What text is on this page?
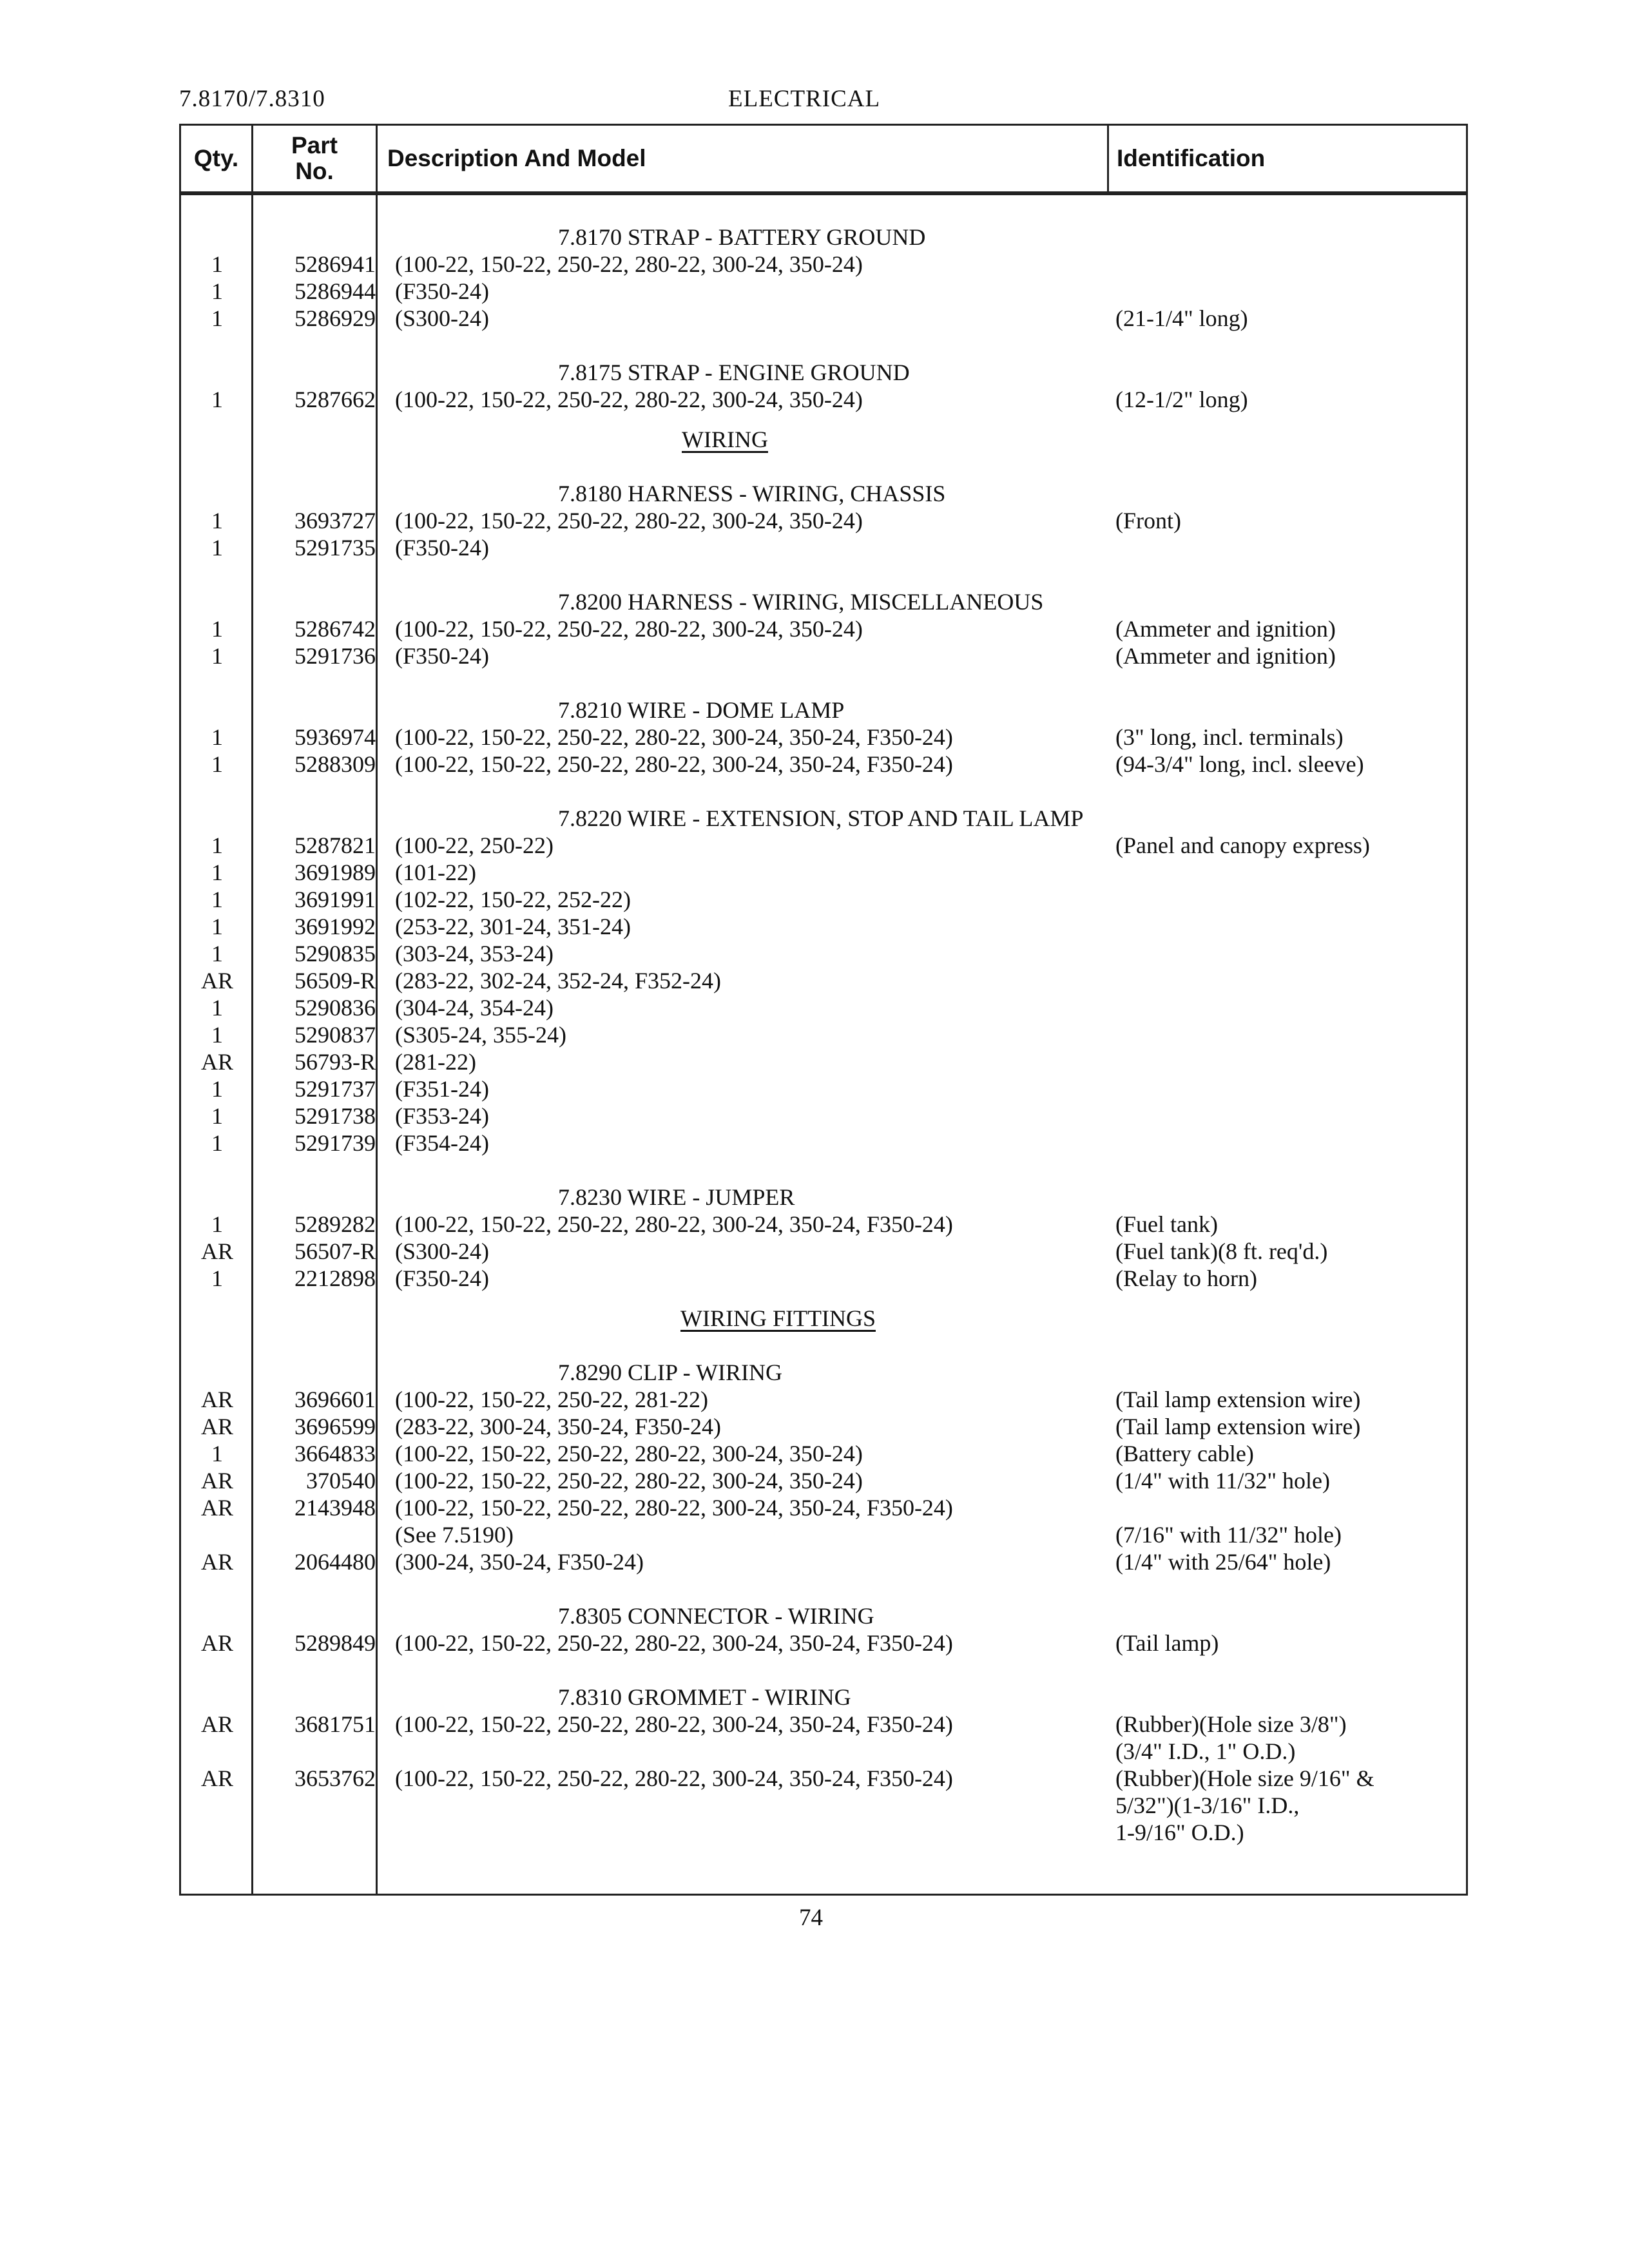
7.8170/7.8310	ELECTRICAL
Qty.	Part No.	Description And Model	Identification
7.8170 STRAP - BATTERY GROUND
1	5286941 (100-22, 150-22, 250-22, 280-22, 300-24, 350-24)
1	5286944 (F350-24)
1	5286929 (S300-24)	(21-1/4" long)
7.8175 STRAP - ENGINE GROUND
1	5287662 (100-22, 150-22, 250-22, 280-22, 300-24, 350-24)	(12-1/2" long)
WIRING
7.8180 HARNESS - WIRING, CHASSIS
1	3693727 (100-22, 150-22, 250-22, 280-22, 300-24, 350-24)	(Front)
1	5291735 (F350-24)
7.8200 HARNESS - WIRING, MISCELLANEOUS
1	5286742 (100-22, 150-22, 250-22, 280-22, 300-24, 350-24)	(Ammeter and ignition)
1	5291736 (F350-24)	(Ammeter and ignition)
7.8210 WIRE - DOME LAMP
1	5936974 (100-22, 150-22, 250-22, 280-22, 300-24, 350-24, F350-24)	(3" long, incl. terminals)
1	5288309 (100-22, 150-22, 250-22, 280-22, 300-24, 350-24, F350-24)	(94-3/4" long, incl. sleeve)
7.8220 WIRE - EXTENSION, STOP AND TAIL LAMP
1	5287821 (100-22, 250-22)	(Panel and canopy express)
1	3691989 (101-22)
1	3691991 (102-22, 150-22, 252-22)
1	3691992 (253-22, 301-24, 351-24)
1	5290835 (303-24, 353-24)
AR	56509-R (283-22, 302-24, 352-24, F352-24)
1	5290836 (304-24, 354-24)
1	5290837 (S305-24, 355-24)
AR	56793-R (281-22)
1	5291737 (F351-24)
1	5291738 (F353-24)
1	5291739 (F354-24)
7.8230 WIRE - JUMPER
1	5289282 (100-22, 150-22, 250-22, 280-22, 300-24, 350-24, F350-24)	(Fuel tank)
AR	56507-R (S300-24)	(Fuel tank)(8 ft. req'd.)
1	2212898 (F350-24)	(Relay to horn)
WIRING FITTINGS
7.8290 CLIP - WIRING
AR	3696601 (100-22, 150-22, 250-22, 281-22)	(Tail lamp extension wire)
AR	3696599 (283-22, 300-24, 350-24, F350-24)	(Tail lamp extension wire)
1	3664833 (100-22, 150-22, 250-22, 280-22, 300-24, 350-24)	(Battery cable)
AR	370540 (100-22, 150-22, 250-22, 280-22, 300-24, 350-24)	(1/4" with 11/32" hole)
AR	2143948 (100-22, 150-22, 250-22, 280-22, 300-24, 350-24, F350-24)
(See 7.5190)	(7/16" with 11/32" hole)
AR	2064480 (300-24, 350-24, F350-24)	(1/4" with 25/64" hole)
7.8305 CONNECTOR - WIRING
AR	5289849 (100-22, 150-22, 250-22, 280-22, 300-24, 350-24, F350-24)	(Tail lamp)
7.8310 GROMMET - WIRING
AR	3681751 (100-22, 150-22, 250-22, 280-22, 300-24, 350-24, F350-24)	(Rubber)(Hole size 3/8")
(3/4" I.D., 1" O.D.)
AR	3653762 (100-22, 150-22, 250-22, 280-22, 300-24, 350-24, F350-24)	(Rubber)(Hole size 9/16" &
5/32")(1-3/16" I.D.,
1-9/16" O.D.)
74
